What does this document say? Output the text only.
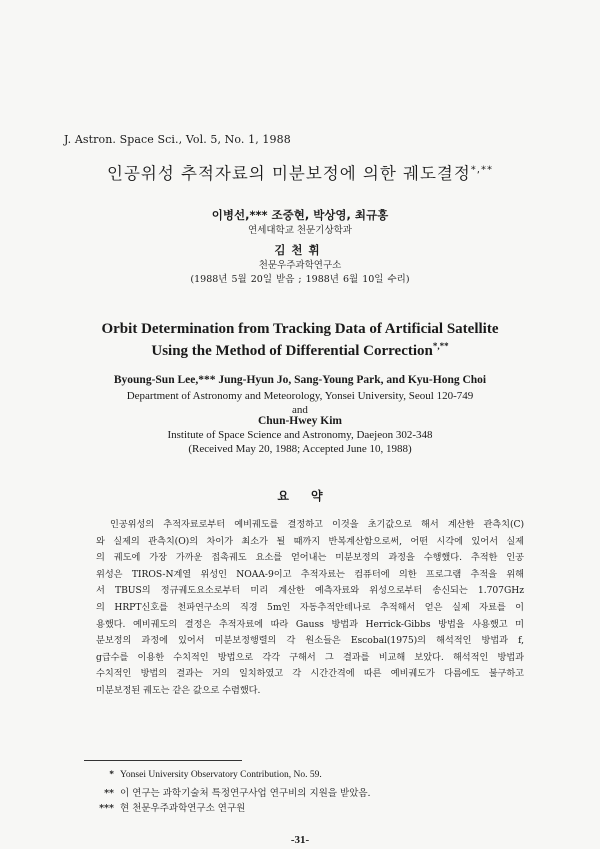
J. Astron. Space Sci., Vol. 5, No. 1, 1988
인공위성 추적자료의 미분보정에 의한 궤도결정*,**
이병선,*** 조중현, 박상영, 최규홍
연세대학교 천문기상학과
김천휘
천문우주과학연구소
(1988년 5월 20일 받음 ; 1988년 6월 10일 수리)
Orbit Determination from Tracking Data of Artificial Satellite
Using the Method of Differential Correction*,**
Byoung-Sun Lee,*** Jung-Hyun Jo, Sang-Young Park, and Kyu-Hong Choi
Department of Astronomy and Meteorology, Yonsei University, Seoul 120-749
and
Chun-Hwey Kim
Institute of Space Science and Astronomy, Daejeon 302-348
(Received May 20, 1988; Accepted June 10, 1988)
요약
인공위성의 추적자료로부터 예비궤도를 결정하고 이것을 초기값으로 해서 계산한 관측치(C)
와 실제의 관측치(O)의 차이가 최소가 될 때까지 반복계산함으로써, 어떤 시각에 있어서 실제
의 궤도에 가장 가까운 접촉궤도 요소를 얻어내는 미분보정의 과정을 수행했다. 추적한 인공
위성은 TIROS-N계열 위성인 NOAA-9이고 추적자료는 컴퓨터에 의한 프로그램 추적을 위해
서 TBUS의 정규궤도요소로부터 미리 계산한 예측자료와 위성으로부터 송신되는 1.707GHz
의 HRPT신호를 천파연구소의 직경 5m인 자동추적안테나로 추적해서 얻은 실제 자료를 이
용했다. 예비궤도의 결정은 추적자료에 따라 Gauss 방법과 Herrick-Gibbs 방법을 사용했고 미
분보정의 과정에 있어서 미분보정행렬의 각 원소들은 Escobal(1975)의 해석적인 방법과 f,
g급수를 이용한 수치적인 방법으로 각각 구해서 그 결과를 비교해 보았다. 해석적인 방법과
수치적인 방법의 결과는 거의 일치하였고 각 시간간격에 따른 예비궤도가 다름에도 불구하고
미분보정된 궤도는 같은 값으로 수렴했다.
* Yonsei University Observatory Contribution, No. 59.
** 이 연구는 과학기술처 특정연구사업 연구비의 지원을 받았음.
*** 현 천문우주과학연구소 연구원
-31-
